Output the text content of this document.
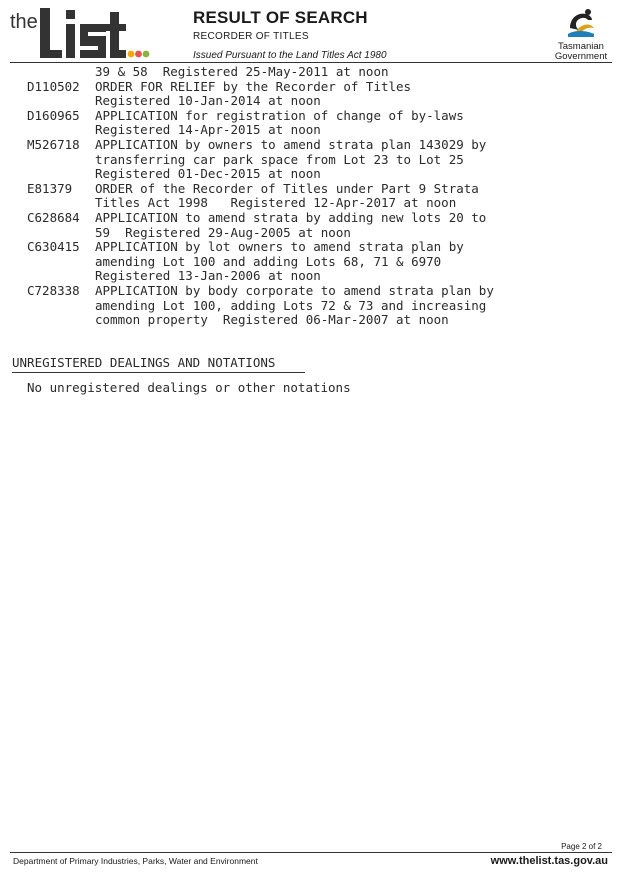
the	RESULT OF SEARCH
RECORDER OF TITLES
Issued Pursuant to the Land Titles Act 1980
Tasmanian
Government
39 & 58  Registered 25-May-2011 at noon
D110502	ORDER FOR RELIEF by the Recorder of Titles
Registered 10-Jan-2014 at noon
D160965	APPLICATION for registration of change of by-laws
Registered 14-Apr-2015 at noon
M526718	APPLICATION by owners to amend strata plan 143029 by
transferring car park space from Lot 23 to Lot 25
Registered 01-Dec-2015 at noon
E81379	ORDER of the Recorder of Titles under Part 9 Strata
Titles Act 1998   Registered 12-Apr-2017 at noon
C628684	APPLICATION to amend strata by adding new lots 20 to
59  Registered 29-Aug-2005 at noon
C630415	APPLICATION by lot owners to amend strata plan by
amending Lot 100 and adding Lots 68, 71 & 6970
Registered 13-Jan-2006 at noon
C728338	APPLICATION by body corporate to amend strata plan by
amending Lot 100, adding Lots 72 & 73 and increasing
common property  Registered 06-Mar-2007 at noon
UNREGISTERED DEALINGS AND NOTATIONS
No unregistered dealings or other notations
Page 2 of 2
Department of Primary Industries, Parks, Water and Environment	www.thelist.tas.gov.au
